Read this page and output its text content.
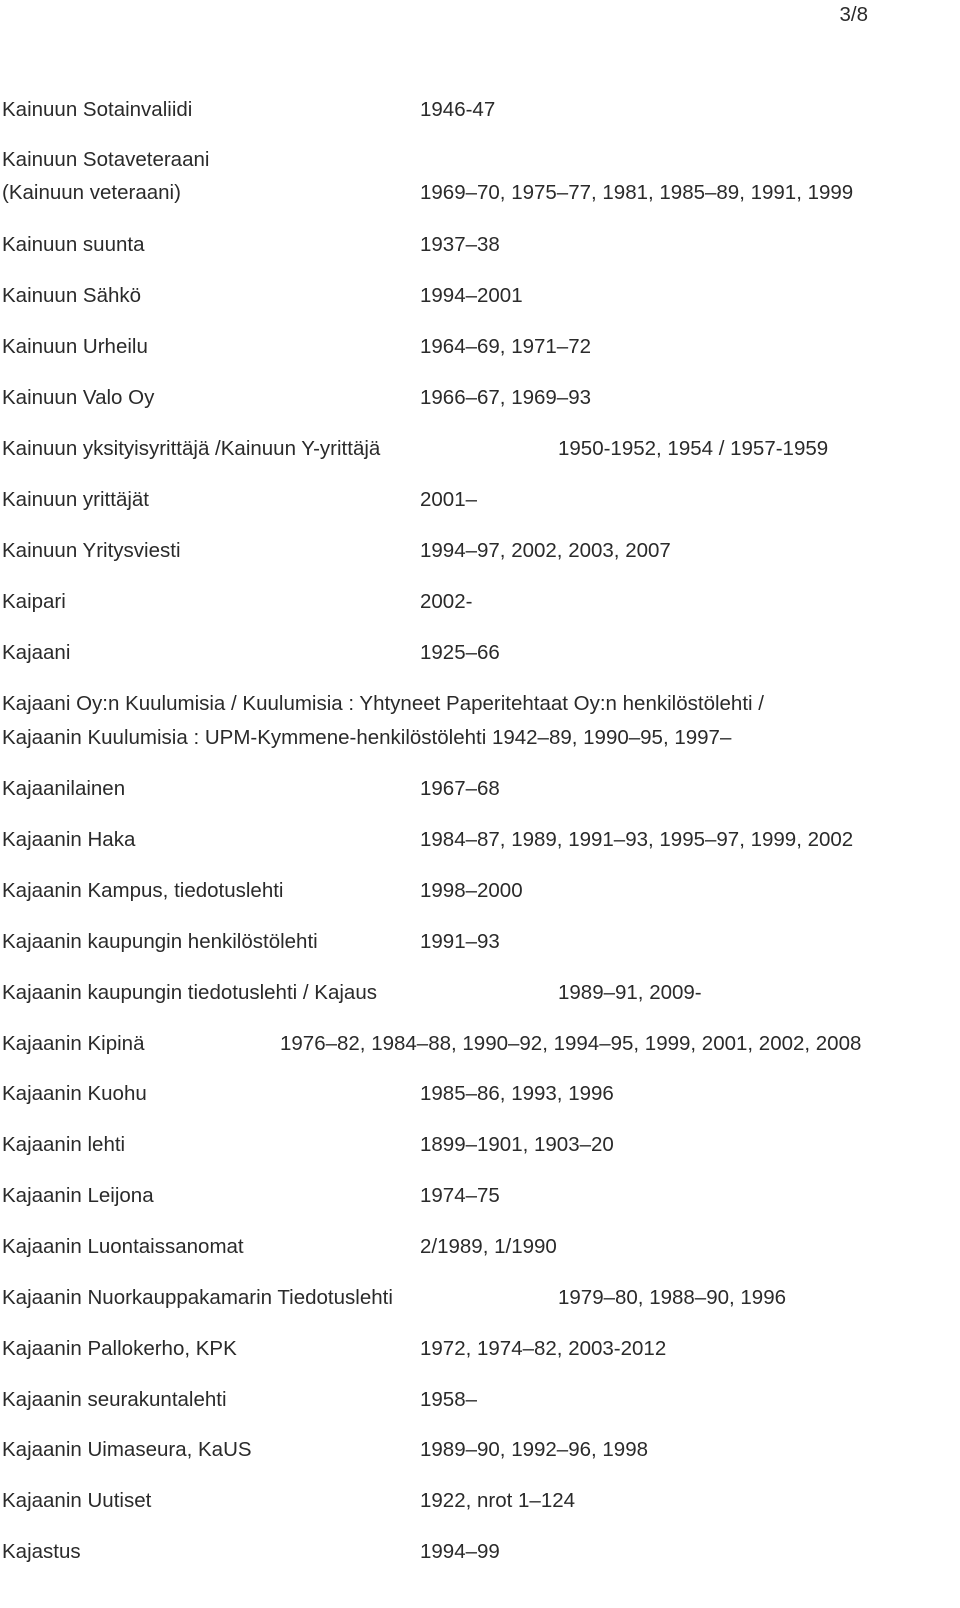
3/8
Kainuun Sotainvaliidi	1946-47
Kainuun Sotaveteraani
(Kainuun veteraani)	1969–70, 1975–77, 1981, 1985–89, 1991, 1999
Kainuun suunta	1937–38
Kainuun Sähkö	1994–2001
Kainuun Urheilu	1964–69, 1971–72
Kainuun Valo Oy	1966–67, 1969–93
Kainuun yksityisyrittäjä /Kainuun Y-yrittäjä	1950-1952, 1954 / 1957-1959
Kainuun yrittäjät	2001–
Kainuun Yritysviesti	1994–97, 2002, 2003, 2007
Kaipari	2002-
Kajaani	1925–66
Kajaani Oy:n Kuulumisia / Kuulumisia : Yhtyneet Paperitehtaat Oy:n henkilöstölehti /
Kajaanin Kuulumisia : UPM-Kymmene-henkilöstölehti 1942–89, 1990–95, 1997–
Kajaanilainen	1967–68
Kajaanin Haka	1984–87, 1989, 1991–93, 1995–97, 1999, 2002
Kajaanin Kampus, tiedotuslehti	1998–2000
Kajaanin kaupungin henkilöstölehti	1991–93
Kajaanin kaupungin tiedotuslehti / Kajaus	1989–91, 2009-
Kajaanin Kipinä	1976–82, 1984–88, 1990–92, 1994–95, 1999, 2001, 2002, 2008
Kajaanin Kuohu	1985–86, 1993, 1996
Kajaanin lehti	1899–1901, 1903–20
Kajaanin Leijona	1974–75
Kajaanin Luontaissanomat	2/1989, 1/1990
Kajaanin Nuorkauppakamarin Tiedotuslehti	1979–80, 1988–90, 1996
Kajaanin Pallokerho, KPK	1972, 1974–82, 2003-2012
Kajaanin seurakuntalehti	1958–
Kajaanin Uimaseura, KaUS	1989–90, 1992–96, 1998
Kajaanin Uutiset	1922, nrot 1–124
Kajastus	1994–99
